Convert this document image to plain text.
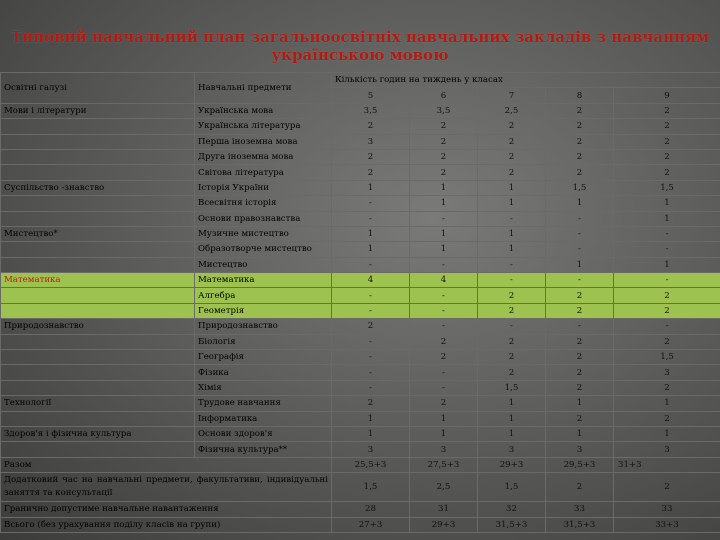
Типовий навчальний план загальноосвітніх навчальних закладів з навчанням українською мовою
Освітні галузі	Навчальні предмети	Кількість годин на тиждень у класах				
		5	6	7	8	9
Мови і літератури	Українська мова	3,5	3,5	2,5	2	2
	Українська література	2	2	2	2	2
	Перша іноземна мова	3	2	2	2	2
	Друга іноземна мова	2	2	2	2	2
	Світова література	2	2	2	2	2
Суспільство -знавство	Історія України	1	1	1	1,5	1,5
	Всесвітня історія	-	1	1	1	1
	Основи правознавства	-	-	-	-	1
Мистецтво*	Музичне мистецтво	1	1	1	-	-
	Образотворче мистецтво	1	1	1	-	-
	Мистецтво	-	-	-	1	1
Математика	Математика	4	4	-	-	-
	Алгебра	-	-	2	2	2
	Геометрія	-	-	2	2	2
Природознавство	Природознавство	2	-	-	-	-
	Біологія	-	2	2	2	2
	Географія	-	2	2	2	1,5
	Фізика	-	-	2	2	3
	Хімія	-	-	1,5	2	2
Технології	Трудове навчання	2	2	1	1	1
	Інформатика	1	1	1	2	2
Здоров'я і фізична культура	Основи здоров'я	1	1	1	1	1
	Фізична культура**	3	3	3	3	3
Разом		25,5+3	27,5+3	29+3	29,5+3	31+3
Додатковий час на навчальні предмети, факультативи, індивідуальні заняття та консультації		1,5	2,5	1,5	2	2
Гранично допустиме навчальне навантаження		28	31	32	33	33
Всього (без урахування поділу класів на групи)		27+3	29+3	31,5+3	31,5+3	33+3
